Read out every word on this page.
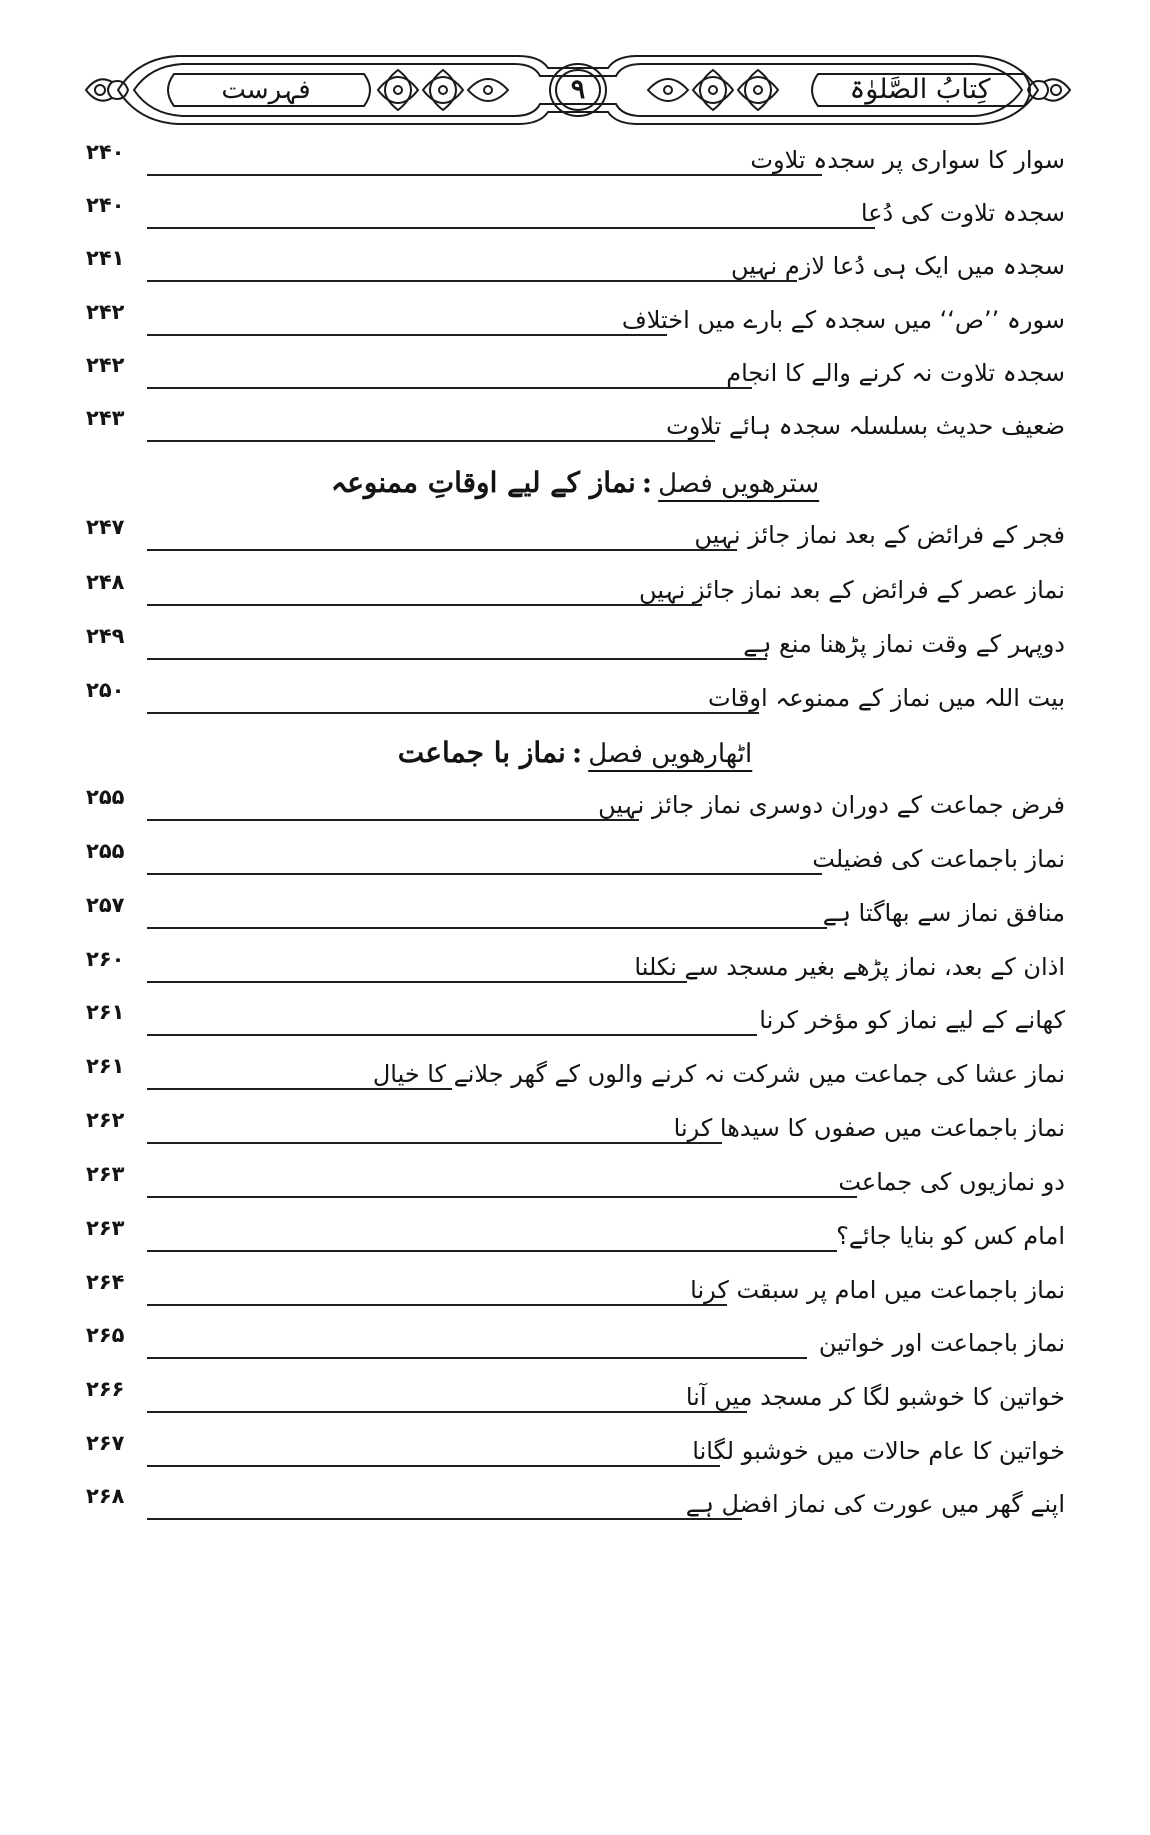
کِتابُ الصَّلوٰۃ
۹
فہرست
۲۴۰	سوار کا سواری پر سجدہ تلاوت
۲۴۰	سجدہ تلاوت کی دُعا
۲۴۱	سجدہ میں ایک ہی دُعا لازم نہیں
۲۴۲	سورہ ’’ص‘‘ میں سجدہ کے بارے میں اختلاف
۲۴۲	سجدہ تلاوت نہ کرنے والے کا انجام
۲۴۳	ضعیف حدیث بسلسلہ سجدہ ہائے تلاوت
سترھویں فصل:نماز کے لیے اوقاتِ ممنوعہ
۲۴۷	فجر کے فرائض کے بعد نماز جائز نہیں
۲۴۸	نماز عصر کے فرائض کے بعد نماز جائز نہیں
۲۴۹	دوپہر کے وقت نماز پڑھنا منع ہے
۲۵۰	بیت اللہ میں نماز کے ممنوعہ اوقات
اٹھارھویں فصل:نماز با جماعت
۲۵۵	فرض جماعت کے دوران دوسری نماز جائز نہیں
۲۵۵	نماز باجماعت کی فضیلت
۲۵۷	منافق نماز سے بھاگتا ہے
۲۶۰	اذان کے بعد، نماز پڑھے بغیر مسجد سے نکلنا
۲۶۱	کھانے کے لیے نماز کو مؤخر کرنا
۲۶۱	نماز عشا کی جماعت میں شرکت نہ کرنے والوں کے گھر جلانے کا خیال
۲۶۲	نماز باجماعت میں صفوں کا سیدھا کرنا
۲۶۳	دو نمازیوں کی جماعت
۲۶۳	امام کس کو بنایا جائے؟
۲۶۴	نماز باجماعت میں امام پر سبقت کرنا
۲۶۵	نماز باجماعت اور خواتین
۲۶۶	خواتین کا خوشبو لگا کر مسجد میں آنا
۲۶۷	خواتین کا عام حالات میں خوشبو لگانا
۲۶۸	اپنے گھر میں عورت کی نماز افضل ہے
